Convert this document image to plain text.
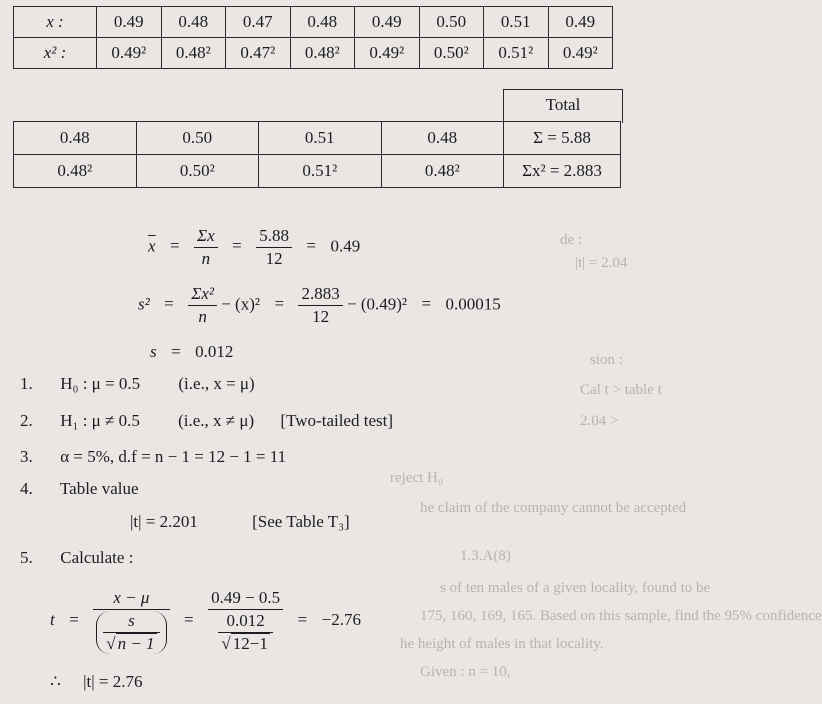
de :
|t| = 2.04
sion :
Cal t > table t
2.04 >
reject H₀
he claim of the company cannot be accepted
1.3.A(8)
s of ten males of a given locality, found to be
175, 160, 169, 165. Based on this sample, find the 95% confidence
he height of males in that locality.
Given : n = 10,
x :	0.49	0.48	0.47	0.48	0.49	0.50	0.51	0.49
x² :	0.49²	0.48²	0.47²	0.48²	0.49²	0.50²	0.51²	0.49²
Total
0.48	0.50	0.51	0.48	Σ = 5.88
0.48²	0.50²	0.51²	0.48²	Σx² = 2.883
$\overline{x} = \frac{\Sigma x}{n} = \frac{5.88}{12} = 0.49$
$s^2 = \frac{\text{Σx²}}{n} - (x)^2 = \frac{2.883}{12} - (0.49)^2 = 0.00015$
s = 0.012
1. H₀ : μ = 0.5 (i.e., x = μ)
2. H₁ : μ ≠ 0.5 (i.e., x ≠ μ) [Two-tailed test]
3. α = 5%, d.f = n − 1 = 12 − 1 = 11
4. Table value
|t| = 2.201	[See Table T₃]
5. Calculate :
$t = \frac{x - \mu}{\frac{s}{√ n - 1}} = \frac{0.49 - 0.5}{\frac{0.012}{√ 12-1}} = -2.76$
∴ |t| = 2.76
